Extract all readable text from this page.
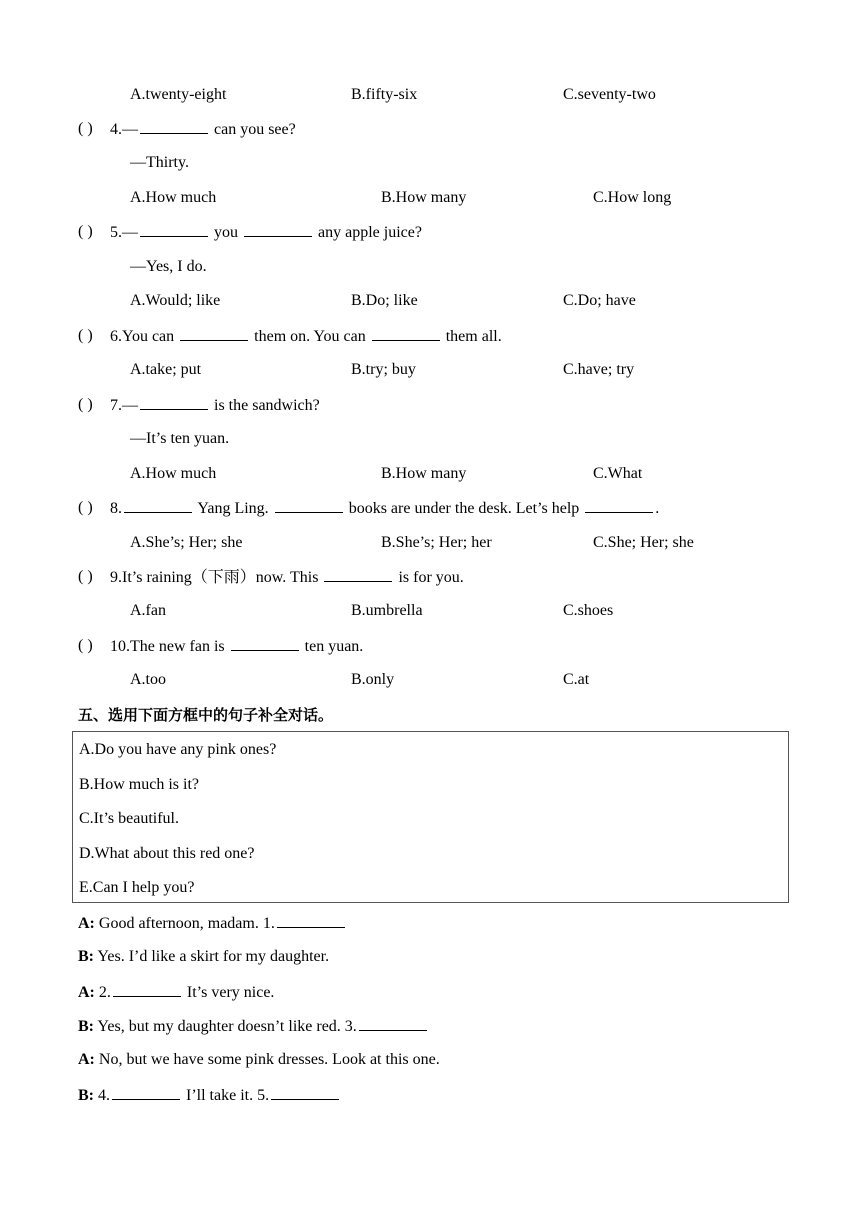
A.twenty-eight	B.fifty-six	C.seventy-two
( ) 4.—	can you see?
—Thirty.
A.How much	B.How many	C.How long
( ) 5.—	you	any apple juice?
—Yes, I do.
A.Would; like	B.Do; like	C.Do; have
( ) 6.You can	them on. You can	them all.
A.take; put	B.try; buy	C.have; try
( ) 7.—	is the sandwich?
—It’s ten yuan.
A.How much	B.How many	C.What
( ) 8.	Yang Ling.	books are under the desk. Let’s help	.
A.She’s; Her; she	B.She’s; Her; her	C.She; Her; she
( ) 9.It’s raining（下雨）now. This	is for you.
A.fan	B.umbrella	C.shoes
( ) 10.The new fan is	ten yuan.
A.too	B.only	C.at
五、选用下面方框中的句子补全对话。
A.Do you have any pink ones?
B.How much is it?
C.It’s beautiful.
D.What about this red one?
E.Can I help you?
A: Good afternoon, madam. 1.
B: Yes. I’d like a skirt for my daughter.
A: 2.	It’s very nice.
B: Yes, but my daughter doesn’t like red. 3.
A: No, but we have some pink dresses. Look at this one.
B: 4.	I’ll take it. 5.
